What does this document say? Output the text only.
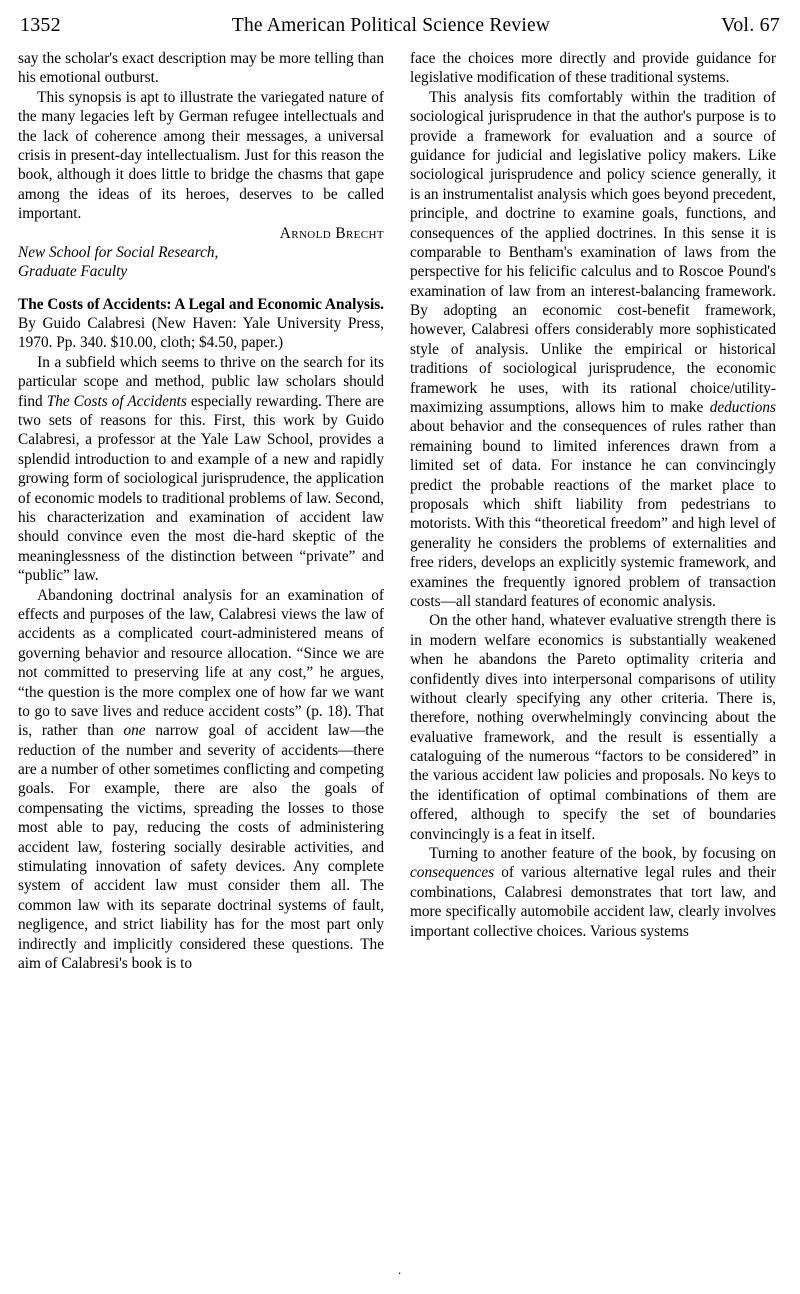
1352	The American Political Science Review	Vol. 67

say the scholar's exact description may be more telling than his emotional outburst.

This synopsis is apt to illustrate the variegated nature of the many legacies left by German refugee intellectuals and the lack of coherence among their messages, a universal crisis in present-day intellectualism. Just for this reason the book, although it does little to bridge the chasms that gape among the ideas of its heroes, deserves to be called important.

Arnold Brecht

New School for Social Research,

Graduate Faculty

The Costs of Accidents: A Legal and Economic Analysis. By Guido Calabresi (New Haven: Yale University Press, 1970. Pp. 340. $10.00, cloth; $4.50, paper.)

In a subfield which seems to thrive on the search for its particular scope and method, public law scholars should find The Costs of Accidents especially rewarding. There are two sets of reasons for this. First, this work by Guido Calabresi, a professor at the Yale Law School, provides a splendid introduction to and example of a new and rapidly growing form of sociological jurisprudence, the application of economic models to traditional problems of law. Second, his characterization and examination of accident law should convince even the most die-hard skeptic of the meaninglessness of the distinction between “private” and “public” law.

Abandoning doctrinal analysis for an examination of effects and purposes of the law, Calabresi views the law of accidents as a complicated court-administered means of governing behavior and resource allocation. “Since we are not committed to preserving life at any cost,” he argues, “the question is the more complex one of how far we want to go to save lives and reduce accident costs” (p. 18). That is, rather than one narrow goal of accident law—the reduction of the number and severity of accidents—there are a number of other sometimes conflicting and competing goals. For example, there are also the goals of compensating the victims, spreading the losses to those most able to pay, reducing the costs of administering accident law, fostering socially desirable activities, and stimulating innovation of safety devices. Any complete system of accident law must consider them all. The common law with its separate doctrinal systems of fault, negligence, and strict liability has for the most part only indirectly and implicitly considered these questions. The aim of Calabresi's book is to

face the choices more directly and provide guidance for legislative modification of these traditional systems.

This analysis fits comfortably within the tradition of sociological jurisprudence in that the author's purpose is to provide a framework for evaluation and a source of guidance for judicial and legislative policy makers. Like sociological jurisprudence and policy science generally, it is an instrumentalist analysis which goes beyond precedent, principle, and doctrine to examine goals, functions, and consequences of the applied doctrines. In this sense it is comparable to Bentham's examination of laws from the perspective for his felicific calculus and to Roscoe Pound's examination of law from an interest-balancing framework. By adopting an economic cost-benefit framework, however, Calabresi offers considerably more sophisticated style of analysis. Unlike the empirical or historical traditions of sociological jurisprudence, the economic framework he uses, with its rational choice/utility-maximizing assumptions, allows him to make deductions about behavior and the consequences of rules rather than remaining bound to limited inferences drawn from a limited set of data. For instance he can convincingly predict the probable reactions of the market place to proposals which shift liability from pedestrians to motorists. With this “theoretical freedom” and high level of generality he considers the problems of externalities and free riders, develops an explicitly systemic framework, and examines the frequently ignored problem of transaction costs—all standard features of economic analysis.

On the other hand, whatever evaluative strength there is in modern welfare economics is substantially weakened when he abandons the Pareto optimality criteria and confidently dives into interpersonal comparisons of utility without clearly specifying any other criteria. There is, therefore, nothing overwhelmingly convincing about the evaluative framework, and the result is essentially a cataloguing of the numerous “factors to be considered” in the various accident law policies and proposals. No keys to the identification of optimal combinations of them are offered, although to specify the set of boundaries convincingly is a feat in itself.

Turning to another feature of the book, by focusing on consequences of various alternative legal rules and their combinations, Calabresi demonstrates that tort law, and more specifically automobile accident law, clearly involves important collective choices. Various systems

.
